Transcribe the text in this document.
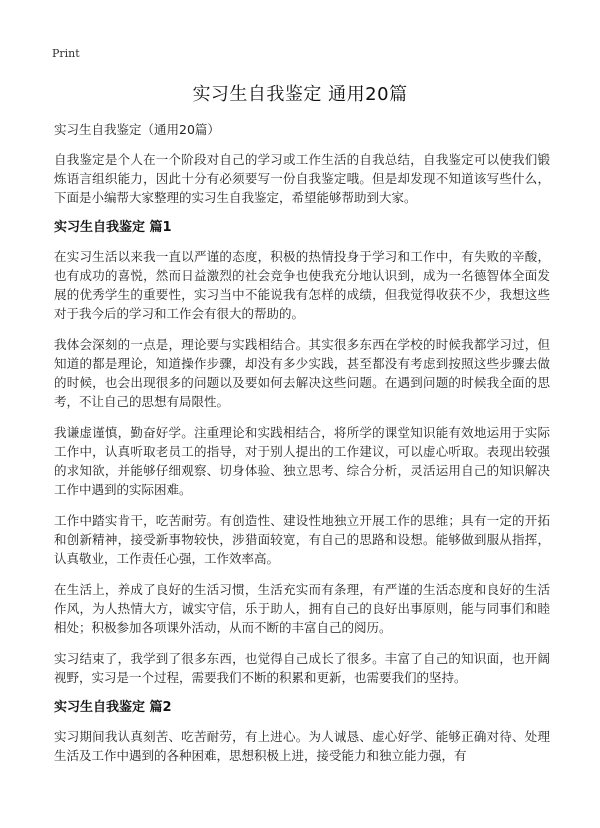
Print
实习生自我鉴定 通用20篇

实习生自我鉴定（通用20篇）

自我鉴定是个人在一个阶段对自己的学习或工作生活的自我总结，自我鉴定可以使我们锻炼语言组织能力，因此十分有必须要写一份自我鉴定哦。但是却发现不知道该写些什么，下面是小编帮大家整理的实习生自我鉴定，希望能够帮助到大家。

实习生自我鉴定 篇1

在实习生活以来我一直以严谨的态度，积极的热情投身于学习和工作中，有失败的辛酸，也有成功的喜悦，然而日益激烈的社会竞争也使我充分地认识到，成为一名德智体全面发展的优秀学生的重要性，实习当中不能说我有怎样的成绩，但我觉得收获不少，我想这些对于我今后的学习和工作会有很大的帮助的。

我体会深刻的一点是，理论要与实践相结合。其实很多东西在学校的时候我都学习过，但知道的都是理论，知道操作步骤，却没有多少实践，甚至都没有考虑到按照这些步骤去做的时候，也会出现很多的问题以及要如何去解决这些问题。在遇到问题的时候我全面的思考，不让自己的思想有局限性。

我谦虚谨慎，勤奋好学。注重理论和实践相结合，将所学的课堂知识能有效地运用于实际工作中，认真听取老员工的指导，对于别人提出的工作建议，可以虚心听取。表现出较强的求知欲，并能够仔细观察、切身体验、独立思考、综合分析，灵活运用自己的知识解决工作中遇到的实际困难。

工作中踏实肯干，吃苦耐劳。有创造性、建设性地独立开展工作的思维；具有一定的开拓和创新精神，接受新事物较快，涉猎面较宽，有自己的思路和设想。能够做到服从指挥，认真敬业，工作责任心强，工作效率高。

在生活上，养成了良好的生活习惯，生活充实而有条理，有严谨的生活态度和良好的生活作风，为人热情大方，诚实守信，乐于助人，拥有自己的良好出事原则，能与同事们和睦相处；积极参加各项课外活动，从而不断的丰富自己的阅历。

实习结束了，我学到了很多东西，也觉得自己成长了很多。丰富了自己的知识面，也开阔视野，实习是一个过程，需要我们不断的积累和更新，也需要我们的坚持。

实习生自我鉴定 篇2

实习期间我认真刻苦、吃苦耐劳，有上进心。为人诚恳、虚心好学、能够正确对待、处理生活及工作中遇到的各种困难，思想积极上进，接受能力和独立能力强，有
